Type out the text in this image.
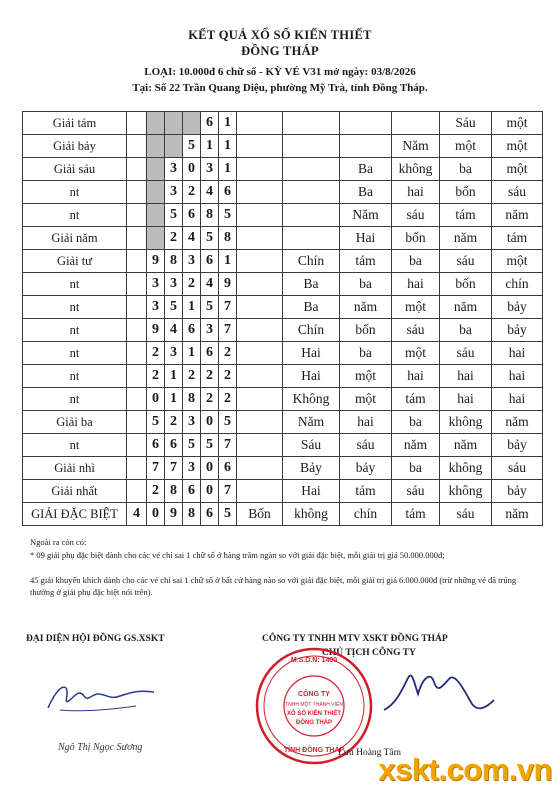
KẾT QUẢ XỔ SỐ KIẾN THIẾT
ĐỒNG THÁP
LOẠI: 10.000đ 6 chữ số - KỲ VÉ V31 mở ngày: 03/8/2026
Tại: Số 22 Trần Quang Diệu, phường Mỹ Trà, tỉnh Đồng Tháp.
Giải tám					6	1					Sáu	một
Giải bảy				5	1	1				Năm	một	một
Giải sáu			3	0	3	1			Ba	không	ba	một
nt			3	2	4	6			Ba	hai	bốn	sáu
nt			5	6	8	5			Năm	sáu	tám	năm
Giải năm			2	4	5	8			Hai	bốn	năm	tám
Giải tư		9	8	3	6	1		Chín	tám	ba	sáu	một
nt		3	3	2	4	9		Ba	ba	hai	bốn	chín
nt		3	5	1	5	7		Ba	năm	một	năm	bảy
nt		9	4	6	3	7		Chín	bốn	sáu	ba	bảy
nt		2	3	1	6	2		Hai	ba	một	sáu	hai
nt		2	1	2	2	2		Hai	một	hai	hai	hai
nt		0	1	8	2	2		Không	một	tám	hai	hai
Giải ba		5	2	3	0	5		Năm	hai	ba	không	năm
nt		6	6	5	5	7		Sáu	sáu	năm	năm	bảy
Giải nhì		7	7	3	0	6		Bảy	bảy	ba	không	sáu
Giải nhất		2	8	6	0	7		Hai	tám	sáu	không	bảy
GIẢI ĐẶC BIỆT	4	0	9	8	6	5	Bốn	không	chín	tám	sáu	năm
Ngoài ra còn có:
* 09 giải phụ đặc biệt dành cho các vé chỉ sai 1 chữ số ở hàng trăm ngàn so với giải đặc biệt, mỗi giải trị giá 50.000.000đ;
45 giải khuyến khích dành cho các vé chỉ sai 1 chữ số ở bất cứ hàng nào so với giải đặc biệt, mỗi giải trị giá 6.000.000đ (trừ những vé đã trúng thưởng ở giải phụ đặc biệt nói trên).
ĐẠI DIỆN HỘI ĐỒNG GS.XSKT	CÔNG TY TNHH MTV XSKT ĐỒNG THÁP
CHỦ TỊCH CÔNG TY
Ngô Thị Ngọc Sương
M.S.D.N: 1400
CÔNG TY
TNHH MỘT THÀNH VIÊN
XỔ SỐ KIẾN THIẾT
ĐỒNG THÁP
TỈNH ĐỒNG THÁP
Lưu Hoàng Tâm
xskt.com.vn
